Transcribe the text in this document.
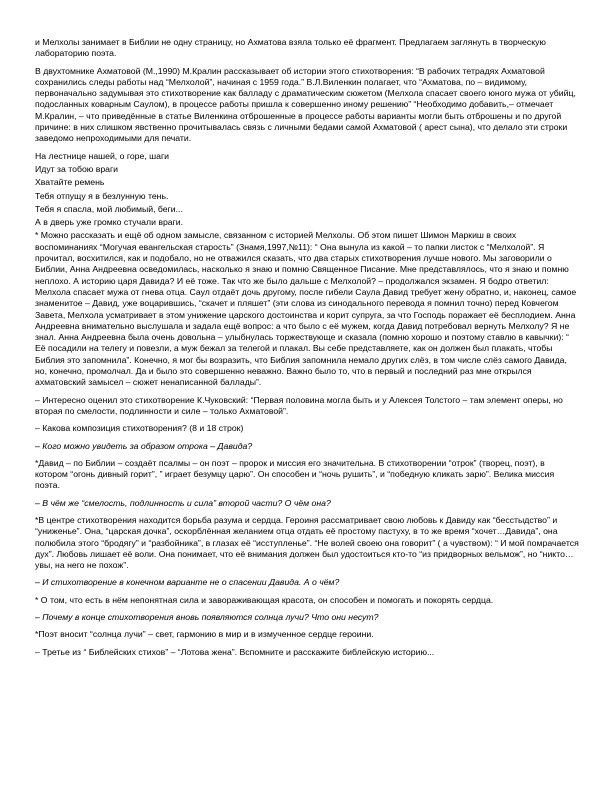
и Мелхолы занимает в Библии не одну страницу, но Ахматова взяла только её фрагмент. Предлагаем заглянуть в творческую лабораторию поэта.

В двухтомнике Ахматовой (М.,1990) М.Кралин рассказывает об истории этого стихотворения: “В рабочих тетрадях Ахматовой сохранились следы работы над “Мелхолой”, начиная с 1959 года.” В.Л.Виленкин полагает, что “Ахматова, по – видимому, первоначально задумывая это стихотворение как балладу с драматическим сюжетом (Мелхола спасает своего юного мужа от убийц, подосланных коварным Саулом), в процессе работы пришла к совершенно иному решению” “Необходимо добавить,– отмечает М.Кралин, – что приведённые в статье Виленкина отброшенные в процессе работы варианты могли быть отброшены и по другой причине: в них слишком явственно прочитывалась связь с личными бедами самой Ахматовой ( арест сына), что делало эти строки заведомо непроходимыми для печати.

На лестнице нашей, о горе, шаги
Идут за тобою враги
Хватайте ремень
Тебя отпущу я в безлунную тень.
Тебя я спасла, мой любимый, беги...
А в дверь уже громко стучали враги.

* Можно рассказать и ещё об одном замысле, связанном с историей Мелхолы. Об этом пишет Шимон Маркиш в своих воспоминаниях “Могучая евангельская старость” (Знамя,1997,№11): “ Она вынула из какой – то папки листок с “Мелхолой”. Я прочитал, восхитился, как и подобало, но не отважился сказать, что два старых стихотворения лучше нового. Мы заговорили о Библии, Анна Андреевна осведомилась, насколько я знаю и помню Священное Писание. Мне представлялось, что я знаю и помню неплохо. А историю царя Давида? И её тоже. Так что же было дальше с Мелхолой? – продолжался экзамен. Я бодро ответил: Мелхола спасает мужа от гнева отца. Саул отдаёт дочь другому, после гибели Саула Давид требует жену обратно, и, наконец, самое знаменитое – Давид, уже воцарившись, “скачет и пляшет” (эти слова из синодального перевода я помнил точно) перед Ковчегом Завета, Мелхола усматривает в этом унижение царского достоинства и корит супруга, за что Господь поражает её бесплодием. Анна Андреевна внимательно выслушала и задала ещё вопрос: а что было с её мужем, когда Давид потребовал вернуть Мелхолу? Я не знал. Анна Андреевна была очень довольна – улыбнулась торжествующе и сказала (помню хорошо и поэтому ставлю в кавычки): “ Её посадили на телегу и повезли, а муж бежал за телегой и плакал. Вы себе представляете, как он должен был плакать, чтобы Библия это запомнила”. Конечно, я мог бы возразить, что Библия запомнила немало других слёз, в том числе слёз самого Давида, но, конечно, промолчал. Да и было это совершенно неважно. Важно было то, что в первый и последний раз мне открылся ахматовский замысел – сюжет ненаписанной баллады”.

– Интересно оценил это стихотворение К.Чуковский: “Первая половина могла быть и у Алексея Толстого – там элемент оперы, но вторая по смелости, подлинности и силе – только Ахматовой”.

– Какова композиция стихотворения? (8 и 18 строк)

– Кого можно увидеть за образом отрока – Давида?

*Давид – по Библии – создаёт псалмы – он поэт – пророк и миссия его значительна. В стихотворении “отрок” (творец, поэт), в котором “огонь дивный горит”, ” играет безумцу царю”. Он способен и “ночь рушить”, и “победную кликать зарю”. Велика миссия поэта.

– В чём же “смелость, подлинность и сила” второй части? О чём она?

*В центре стихотворения находится борьба разума и сердца. Героиня рассматривает свою любовь к Давиду как “бесстыдство” и “униженье”. Она, “царская дочка”, оскорблённая желанием отца отдать её простому пастуху, в то же время “хочет…Давида”, она полюбила этого “бродягу” и “разбойника”, в глазах её “исступленье”. “Не волей своею она говорит” ( а чувством): “ И мой помрачается дух”. Любовь лишает её воли. Она понимает, что её внимания должен был удостоиться кто-то “из придворных вельмож”, но “никто…увы, на него не похож”.

– И стихотворение в конечном варианте не о спасении Давида. А о чём?

* О том, что есть в нём непонятная сила и завораживающая красота, он способен и помогать и покорять сердца.

– Почему в конце стихотворения вновь появляются солнца лучи? Что они несут?

*Поэт вносит “солнца лучи” – свет, гармонию в мир и в измученное сердце героини.

– Третье из “ Библейских стихов” – “Лотова жена”. Вспомните и расскажите библейскую историю...
